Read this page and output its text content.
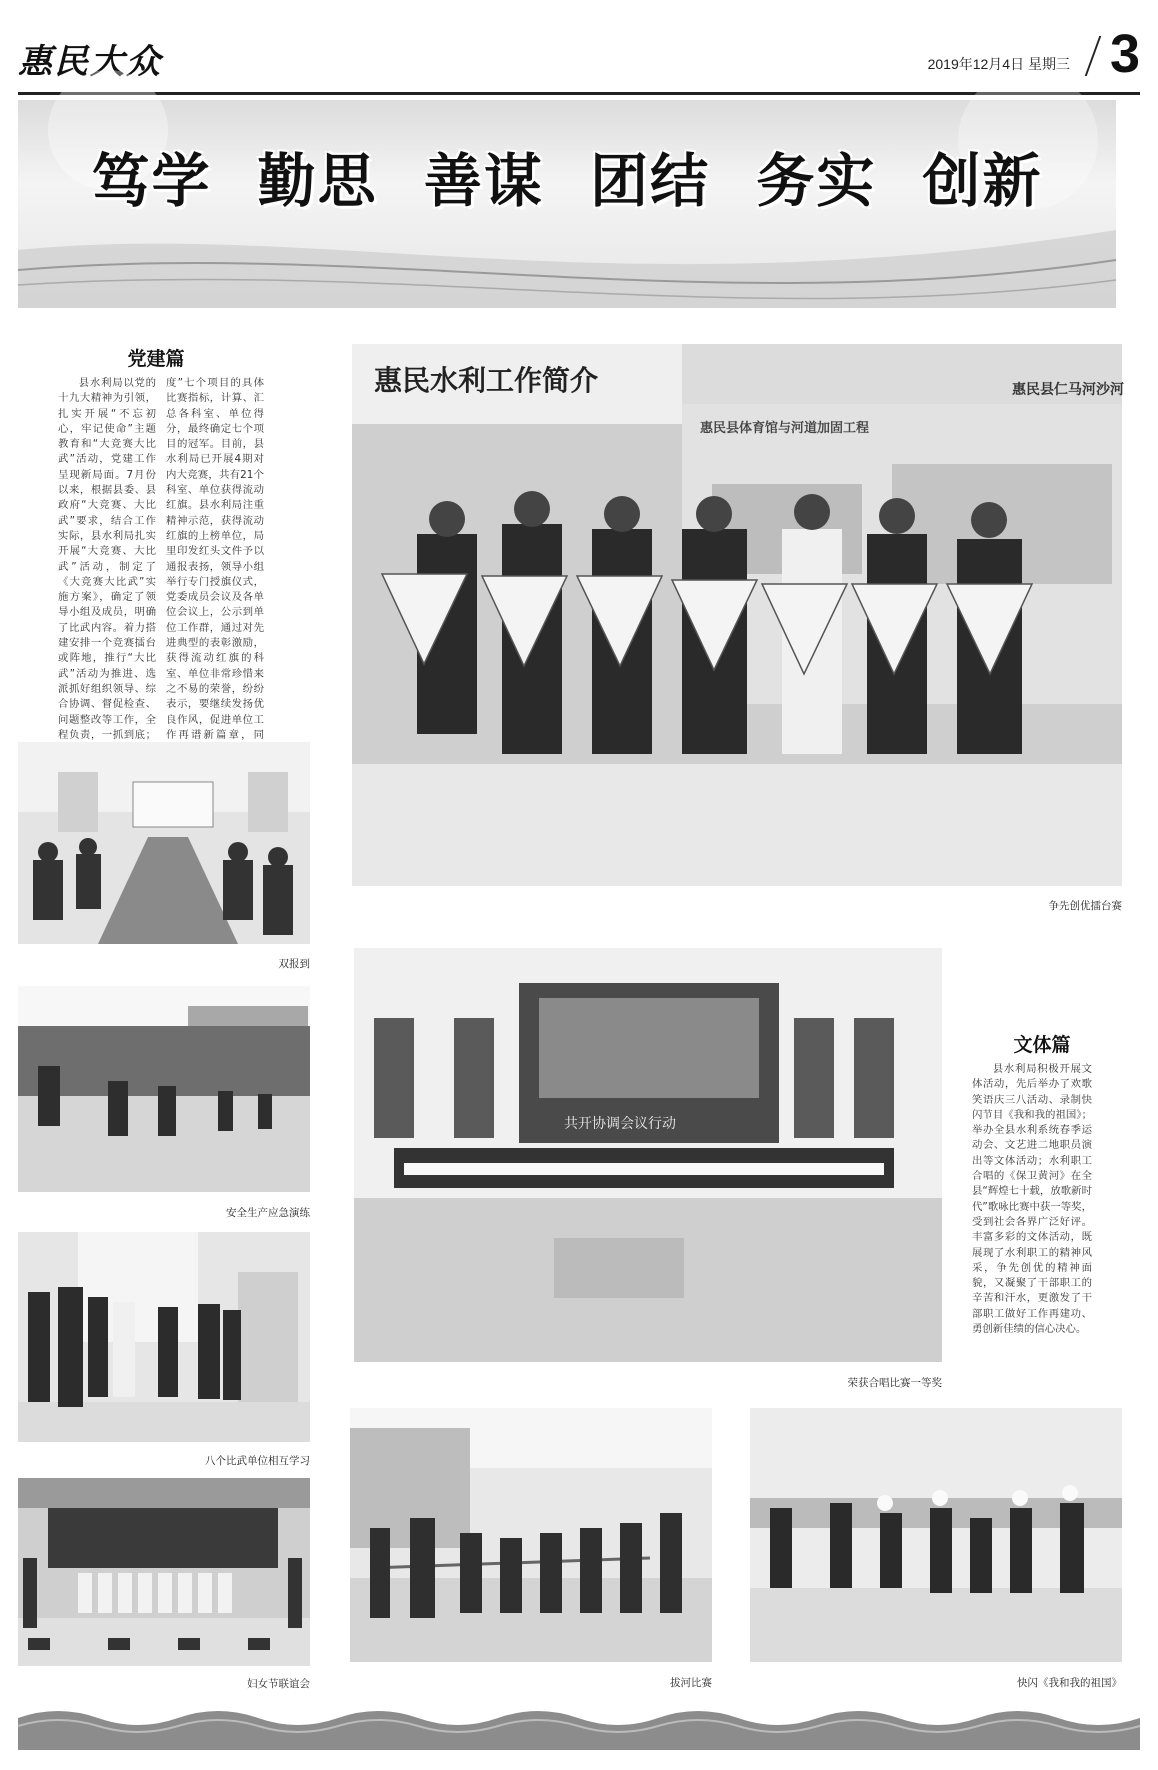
惠民大众	2019年12月4日 星期三 3
笃学 勤思 善谋 团结 务实 创新
党建篇

县水利局以党的十九大精神为引领，扎实开展“不忘初心，牢记使命”主题教育和“大竞赛大比武”活动，党建工作呈现新局面。7月份以来，根据县委、县政府“大竞赛、大比武”要求，结合工作实际，县水利局扎实开展“大竞赛、大比武”活动，制定了《大竞赛大比武”实施方案》，确定了领导小组及成员，明确了比武内容。着力搭建安排一个竞赛擂台或阵地，推行“大比武”活动为推进、选派抓好组织领导、综合协调、督促检查、问题整改等工作，全程负责，一抓到底；

度”七个项目的具体比赛指标，计算、汇总各科室、单位得分，最终确定七个项目的冠军。目前，县水利局已开展4期对内大竞赛，共有21个科室、单位获得流动红旗。县水利局注重精神示范，获得流动红旗的上榜单位，局里印发红头文件予以通报表扬，领导小组举行专门授旗仪式，党委成员会议及各单位会议上，公示到单位工作群，通过对先进典型的表彰激励，获得流动红旗的科室、单位非常珍惜来之不易的荣誉，纷纷表示，要继续发扬优良作风，促进单位工作再谱新篇章，同

惠民水利工作简介	惠民县仁马河沙河
惠民县体育馆与河道加固工程
争先创优擂台赛
双报到
安全生产应急演练
八个比武单位相互学习
妇女节联谊会
共开协调会议行动
荣获合唱比赛一等奖
文体篇

县水利局积极开展文体活动，先后举办了欢歌笑语庆三八活动、录制快闪节目《我和我的祖国》；举办全县水利系统春季运动会、文艺进二地职员演出等文体活动；水利职工合唱的《保卫黄河》在全县“辉煌七十载，放歌新时代”歌咏比赛中获一等奖，受到社会各界广泛好评。丰富多彩的文体活动，既展现了水利职工的精神风采，争先创优的精神面貌，又凝聚了干部职工的辛苦和汗水，更激发了干部职工做好工作再建功、勇创新佳绩的信心决心。

拔河比赛	快闪《我和我的祖国》
